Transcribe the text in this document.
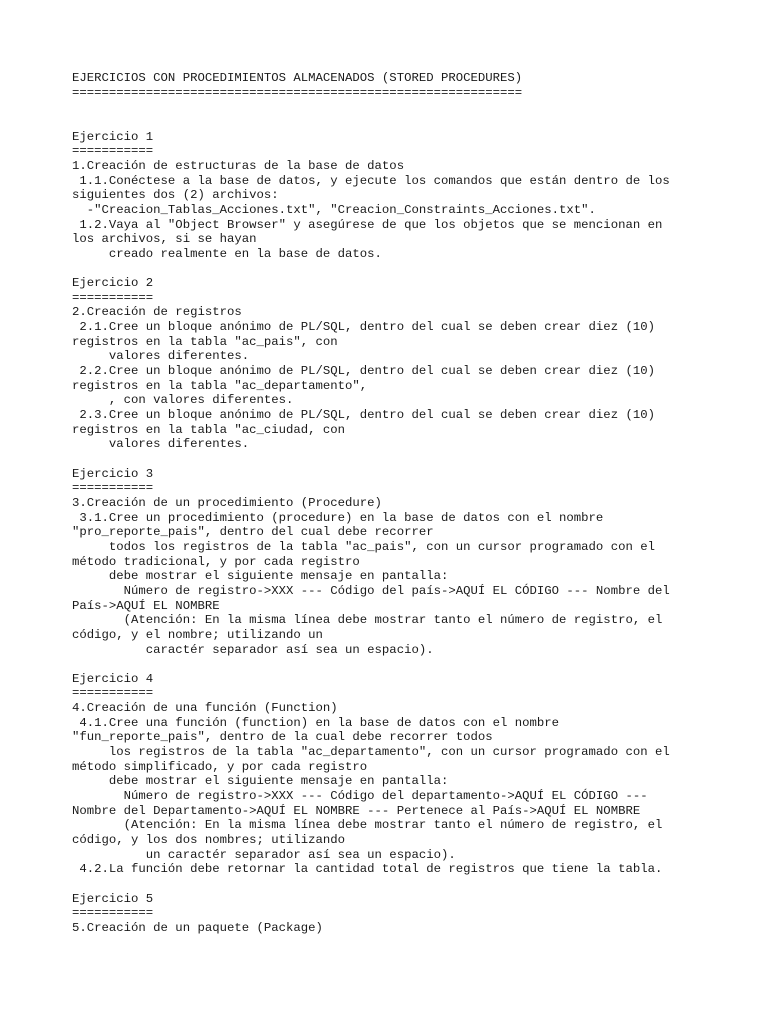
EJERCICIOS CON PROCEDIMIENTOS ALMACENADOS (STORED PROCEDURES)
=============================================================
Ejercicio 1
===========
1.Creación de estructuras de la base de datos
1.1.Conéctese a la base de datos, y ejecute los comandos que están dentro de los
siguientes dos (2) archivos:
-"Creacion_Tablas_Acciones.txt", "Creacion_Constraints_Acciones.txt".
1.2.Vaya al "Object Browser" y asegúrese de que los objetos que se mencionan en
los archivos, si se hayan
creado realmente en la base de datos.
Ejercicio 2
===========
2.Creación de registros
2.1.Cree un bloque anónimo de PL/SQL, dentro del cual se deben crear diez (10)
registros en la tabla "ac_pais", con
valores diferentes.
2.2.Cree un bloque anónimo de PL/SQL, dentro del cual se deben crear diez (10)
registros en la tabla "ac_departamento",
, con valores diferentes.
2.3.Cree un bloque anónimo de PL/SQL, dentro del cual se deben crear diez (10)
registros en la tabla "ac_ciudad, con
valores diferentes.
Ejercicio 3
===========
3.Creación de un procedimiento (Procedure)
3.1.Cree un procedimiento (procedure) en la base de datos con el nombre
"pro_reporte_pais", dentro del cual debe recorrer
todos los registros de la tabla "ac_pais", con un cursor programado con el
método tradicional, y por cada registro
debe mostrar el siguiente mensaje en pantalla:
Número de registro->XXX --- Código del país->AQUÍ EL CÓDIGO --- Nombre del
País->AQUÍ EL NOMBRE
(Atención: En la misma línea debe mostrar tanto el número de registro, el
código, y el nombre; utilizando un
caractér separador así sea un espacio).
Ejercicio 4
===========
4.Creación de una función (Function)
4.1.Cree una función (function) en la base de datos con el nombre
"fun_reporte_pais", dentro de la cual debe recorrer todos
los registros de la tabla "ac_departamento", con un cursor programado con el
método simplificado, y por cada registro
debe mostrar el siguiente mensaje en pantalla:
Número de registro->XXX --- Código del departamento->AQUÍ EL CÓDIGO ---
Nombre del Departamento->AQUÍ EL NOMBRE --- Pertenece al País->AQUÍ EL NOMBRE
(Atención: En la misma línea debe mostrar tanto el número de registro, el
código, y los dos nombres; utilizando
un caractér separador así sea un espacio).
4.2.La función debe retornar la cantidad total de registros que tiene la tabla.
Ejercicio 5
===========
5.Creación de un paquete (Package)
